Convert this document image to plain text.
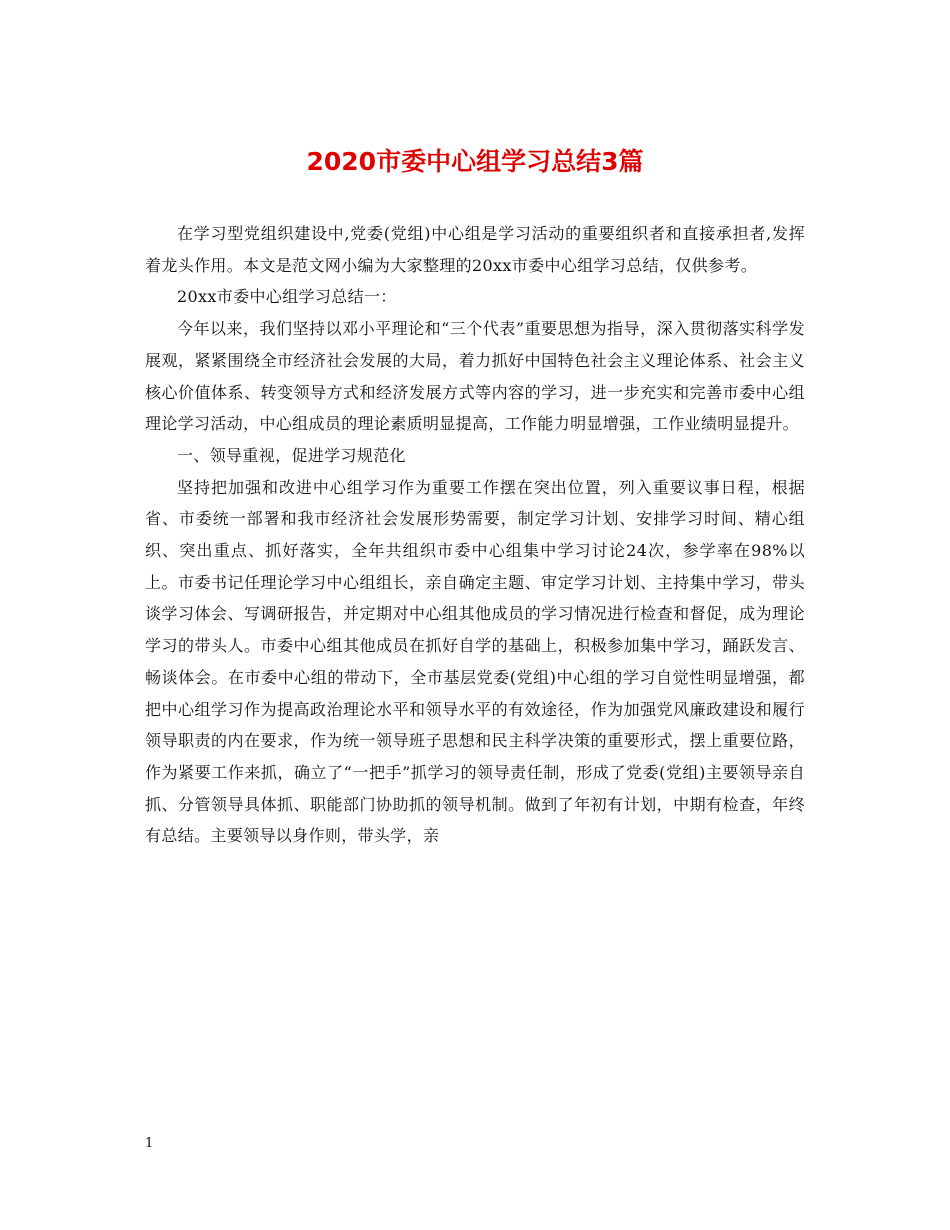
2020市委中心组学习总结3篇

在学习型党组织建设中,党委(党组)中心组是学习活动的重要组织者和直接承担者,发挥着龙头作用。本文是范文网小编为大家整理的20xx市委中心组学习总结，仅供参考。

20xx市委中心组学习总结一：

今年以来，我们坚持以邓小平理论和“三个代表”重要思想为指导，深入贯彻落实科学发展观，紧紧围绕全市经济社会发展的大局，着力抓好中国特色社会主义理论体系、社会主义核心价值体系、转变领导方式和经济发展方式等内容的学习，进一步充实和完善市委中心组理论学习活动，中心组成员的理论素质明显提高，工作能力明显增强，工作业绩明显提升。

一、领导重视，促进学习规范化

坚持把加强和改进中心组学习作为重要工作摆在突出位置，列入重要议事日程，根据省、市委统一部署和我市经济社会发展形势需要，制定学习计划、安排学习时间、精心组织、突出重点、抓好落实，全年共组织市委中心组集中学习讨论24次，参学率在98%以上。市委书记任理论学习中心组组长，亲自确定主题、审定学习计划、主持集中学习，带头谈学习体会、写调研报告，并定期对中心组其他成员的学习情况进行检查和督促，成为理论学习的带头人。市委中心组其他成员在抓好自学的基础上，积极参加集中学习，踊跃发言、畅谈体会。在市委中心组的带动下，全市基层党委(党组)中心组的学习自觉性明显增强，都把中心组学习作为提高政治理论水平和领导水平的有效途径，作为加强党风廉政建设和履行领导职责的内在要求，作为统一领导班子思想和民主科学决策的重要形式，摆上重要位路，作为紧要工作来抓，确立了“一把手”抓学习的领导责任制，形成了党委(党组)主要领导亲自抓、分管领导具体抓、职能部门协助抓的领导机制。做到了年初有计划，中期有检查，年终有总结。主要领导以身作则，带头学，亲

1
